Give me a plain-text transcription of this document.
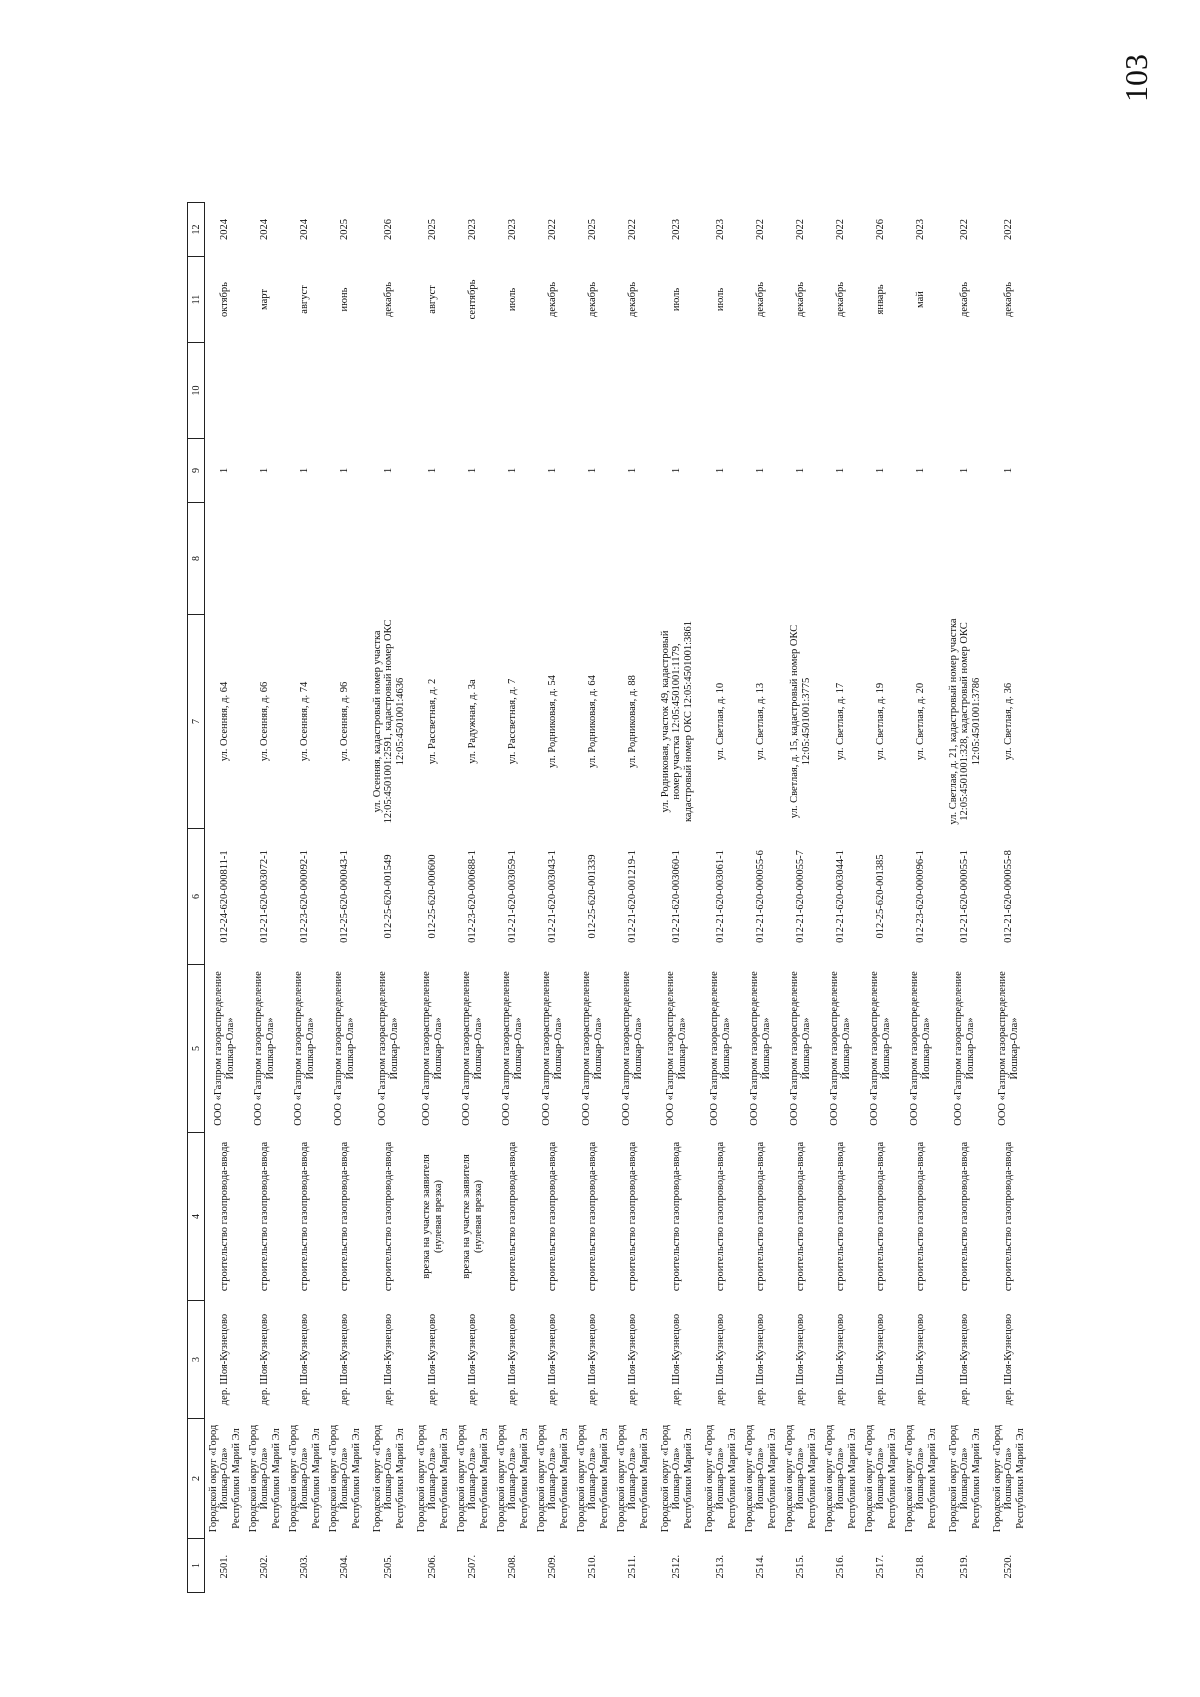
103
1	2	3	4	5	6	7	8	9	10	11	12
2501.	Городской округ «Город Йошкар-Ола» Республики Марий Эл	дер. Шоя-Кузнецово	строительство газопровода-ввода	ООО «Газпром газораспределение Йошкар-Ола»	012-24-620-000811-1	ул. Осенняя, д. 64		1		октябрь	2024
2502.	Городской округ «Город Йошкар-Ола» Республики Марий Эл	дер. Шоя-Кузнецово	строительство газопровода-ввода	ООО «Газпром газораспределение Йошкар-Ола»	012-21-620-003072-1	ул. Осенняя, д. 66		1		март	2024
2503.	Городской округ «Город Йошкар-Ола» Республики Марий Эл	дер. Шоя-Кузнецово	строительство газопровода-ввода	ООО «Газпром газораспределение Йошкар-Ола»	012-23-620-000092-1	ул. Осенняя, д. 74		1		август	2024
2504.	Городской округ «Город Йошкар-Ола» Республики Марий Эл	дер. Шоя-Кузнецово	строительство газопровода-ввода	ООО «Газпром газораспределение Йошкар-Ола»	012-25-620-000043-1	ул. Осенняя, д. 96		1		июнь	2025
2505.	Городской округ «Город Йошкар-Ола» Республики Марий Эл	дер. Шоя-Кузнецово	строительство газопровода-ввода	ООО «Газпром газораспределение Йошкар-Ола»	012-25-620-001549	ул. Осенняя, кадастровый номер участка 12:05:4501001:2591, кадастровый номер ОКС 12:05:4501001:4636		1		декабрь	2026
2506.	Городской округ «Город Йошкар-Ола» Республики Марий Эл	дер. Шоя-Кузнецово	врезка на участке заявителя (нулевая врезка)	ООО «Газпром газораспределение Йошкар-Ола»	012-25-620-000600	ул. Рассветная, д. 2		1		август	2025
2507.	Городской округ «Город Йошкар-Ола» Республики Марий Эл	дер. Шоя-Кузнецово	врезка на участке заявителя (нулевая врезка)	ООО «Газпром газораспределение Йошкар-Ола»	012-23-620-000688-1	ул. Радужная, д. 3а		1		сентябрь	2023
2508.	Городской округ «Город Йошкар-Ола» Республики Марий Эл	дер. Шоя-Кузнецово	строительство газопровода-ввода	ООО «Газпром газораспределение Йошкар-Ола»	012-21-620-003059-1	ул. Рассветная, д. 7		1		июль	2023
2509.	Городской округ «Город Йошкар-Ола» Республики Марий Эл	дер. Шоя-Кузнецово	строительство газопровода-ввода	ООО «Газпром газораспределение Йошкар-Ола»	012-21-620-003043-1	ул. Родниковая, д. 54		1		декабрь	2022
2510.	Городской округ «Город Йошкар-Ола» Республики Марий Эл	дер. Шоя-Кузнецово	строительство газопровода-ввода	ООО «Газпром газораспределение Йошкар-Ола»	012-25-620-001339	ул. Родниковая, д. 64		1		декабрь	2025
2511.	Городской округ «Город Йошкар-Ола» Республики Марий Эл	дер. Шоя-Кузнецово	строительство газопровода-ввода	ООО «Газпром газораспределение Йошкар-Ола»	012-21-620-001219-1	ул. Родниковая, д. 88		1		декабрь	2022
2512.	Городской округ «Город Йошкар-Ола» Республики Марий Эл	дер. Шоя-Кузнецово	строительство газопровода-ввода	ООО «Газпром газораспределение Йошкар-Ола»	012-21-620-003060-1	ул. Родниковая, участок 49, кадастровый номер участка 12:05:4501001:1179, кадастровый номер ОКС 12:05:4501001:3861		1		июль	2023
2513.	Городской округ «Город Йошкар-Ола» Республики Марий Эл	дер. Шоя-Кузнецово	строительство газопровода-ввода	ООО «Газпром газораспределение Йошкар-Ола»	012-21-620-003061-1	ул. Светлая, д. 10		1		июль	2023
2514.	Городской округ «Город Йошкар-Ола» Республики Марий Эл	дер. Шоя-Кузнецово	строительство газопровода-ввода	ООО «Газпром газораспределение Йошкар-Ола»	012-21-620-000055-6	ул. Светлая, д. 13		1		декабрь	2022
2515.	Городской округ «Город Йошкар-Ола» Республики Марий Эл	дер. Шоя-Кузнецово	строительство газопровода-ввода	ООО «Газпром газораспределение Йошкар-Ола»	012-21-620-000055-7	ул. Светлая, д. 15, кадастровый номер ОКС 12:05:4501001:3775		1		декабрь	2022
2516.	Городской округ «Город Йошкар-Ола» Республики Марий Эл	дер. Шоя-Кузнецово	строительство газопровода-ввода	ООО «Газпром газораспределение Йошкар-Ола»	012-21-620-003044-1	ул. Светлая, д. 17		1		декабрь	2022
2517.	Городской округ «Город Йошкар-Ола» Республики Марий Эл	дер. Шоя-Кузнецово	строительство газопровода-ввода	ООО «Газпром газораспределение Йошкар-Ола»	012-25-620-001385	ул. Светлая, д. 19		1		январь	2026
2518.	Городской округ «Город Йошкар-Ола» Республики Марий Эл	дер. Шоя-Кузнецово	строительство газопровода-ввода	ООО «Газпром газораспределение Йошкар-Ола»	012-23-620-000096-1	ул. Светлая, д. 20		1		май	2023
2519.	Городской округ «Город Йошкар-Ола» Республики Марий Эл	дер. Шоя-Кузнецово	строительство газопровода-ввода	ООО «Газпром газораспределение Йошкар-Ола»	012-21-620-000055-1	ул. Светлая, д. 21, кадастровый номер участка 12:05:4501001:328, кадастровый номер ОКС 12:05:4501001:3786		1		декабрь	2022
2520.	Городской округ «Город Йошкар-Ола» Республики Марий Эл	дер. Шоя-Кузнецово	строительство газопровода-ввода	ООО «Газпром газораспределение Йошкар-Ола»	012-21-620-000055-8	ул. Светлая, д. 36		1		декабрь	2022
